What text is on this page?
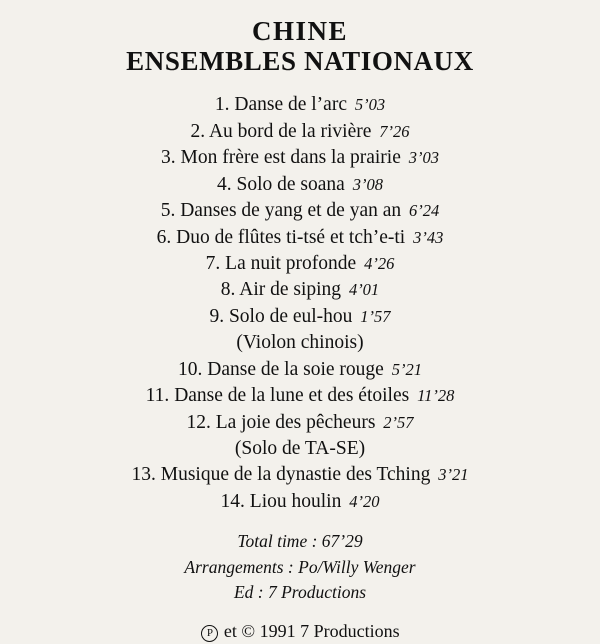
CHINE
ENSEMBLES NATIONAUX
1. Danse de l’arc 5’03
2. Au bord de la rivière 7’26
3. Mon frère est dans la prairie 3’03
4. Solo de soana 3’08
5. Danses de yang et de yan an 6’24
6. Duo de flûtes ti-tsé et tch’e-ti 3’43
7. La nuit profonde 4’26
8. Air de siping 4’01
9. Solo de eul-hou 1’57
(Violon chinois)
10. Danse de la soie rouge 5’21
11. Danse de la lune et des étoiles 11’28
12. La joie des pêcheurs 2’57
(Solo de TA-SE)
13. Musique de la dynastie des Tching 3’21
14. Liou houlin 4’20
Total time : 67’29
Arrangements : Po/Willy Wenger
Ed : 7 Productions
P et © 1991 7 Productions
